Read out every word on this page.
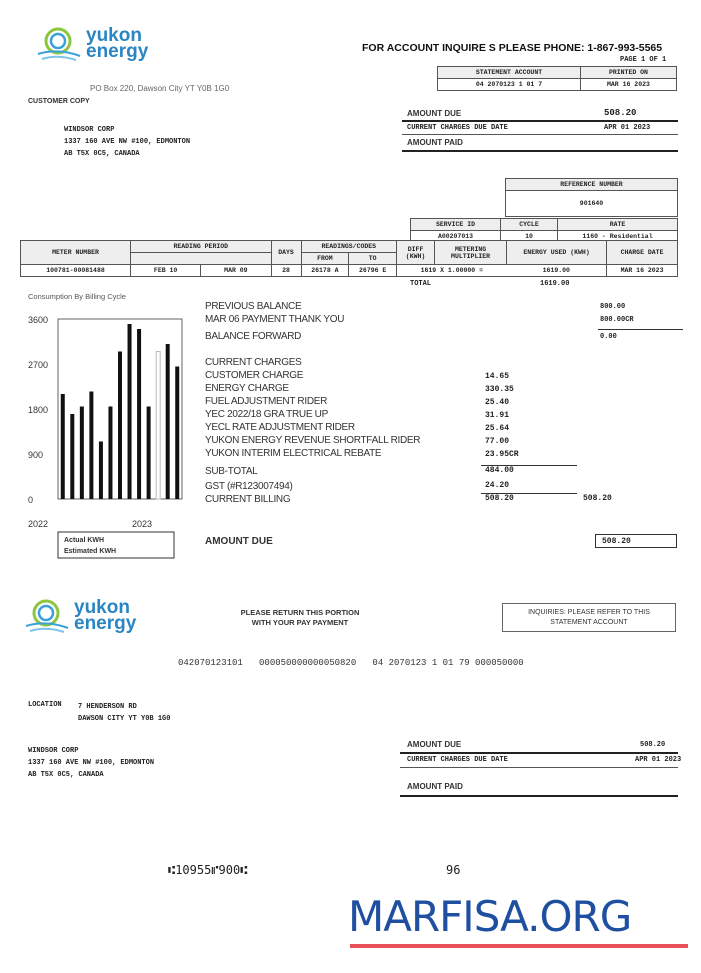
yukon
energy	FOR ACCOUNT INQUIRE S PLEASE PHONE: 1-867-993-5565
PAGE 1 OF 1
PO Box 220, Dawson City YT Y0B 1G0
CUSTOMER COPY
WINDSOR CORP
1337 160 AVE NW #100, EDMONTON
AB T5X 0C5, CANADA
STATEMENT ACCOUNT	PRINTED ON
04 2070123 1 01 7	MAR 16 2023
AMOUNT DUE	508.20
CURRENT CHARGES DUE DATE	APR 01 2023
AMOUNT PAID
REFERENCE NUMBER
901640
SERVICE ID	CYCLE	RATE
A00207013	10	1160 - Residential
METER NUMBER	READING PERIOD		DAYS	READINGS/CODES		DIFF (KWH)	METERING MULTIPLIER	ENERGY USED (KWH)	CHARGE DATE
				FROM	TO				
100781-00081488	FEB 10	MAR 09	28	26178 A	26796 E	1619 X 1.00000 =		1619.00	MAR 16 2023
TOTAL	1619.00
Consumption By Billing Cycle
0
900
1800
2700
3600
2022	2023
Actual KWH
Estimated KWH
PREVIOUS BALANCE	800.00
MAR 06 PAYMENT THANK YOU	800.00CR
BALANCE FORWARD	0.00
CURRENT CHARGES
CUSTOMER CHARGE	14.65
ENERGY CHARGE	330.35
FUEL ADJUSTMENT RIDER	25.40
YEC 2022/18 GRA TRUE UP	31.91
YECL RATE ADJUSTMENT RIDER	25.64
YUKON ENERGY REVENUE SHORTFALL RIDER	77.00
YUKON INTERIM ELECTRICAL REBATE	23.95CR
SUB-TOTAL	484.00
GST (#R123007494)	24.20
CURRENT BILLING	508.20	508.20
AMOUNT DUE	508.20
yukon
energy
PLEASE RETURN THIS PORTION
WITH YOUR PAY PAYMENT
INQUIRIES: PLEASE REFER TO THIS
STATEMENT ACCOUNT
042070123101   000050000000050820   04 2070123 1 01 79 000050000
LOCATION 7 HENDERSON RD
DAWSON CITY YT Y0B 1G0
WINDSOR CORP
1337 160 AVE NW #100, EDMONTON
AB T5X 0C5, CANADA
AMOUNT DUE	508.20
CURRENT CHARGES DUE DATE	APR 01 2023
AMOUNT PAID
⑆10955⑈900⑆	96
MARFISA.ORG
